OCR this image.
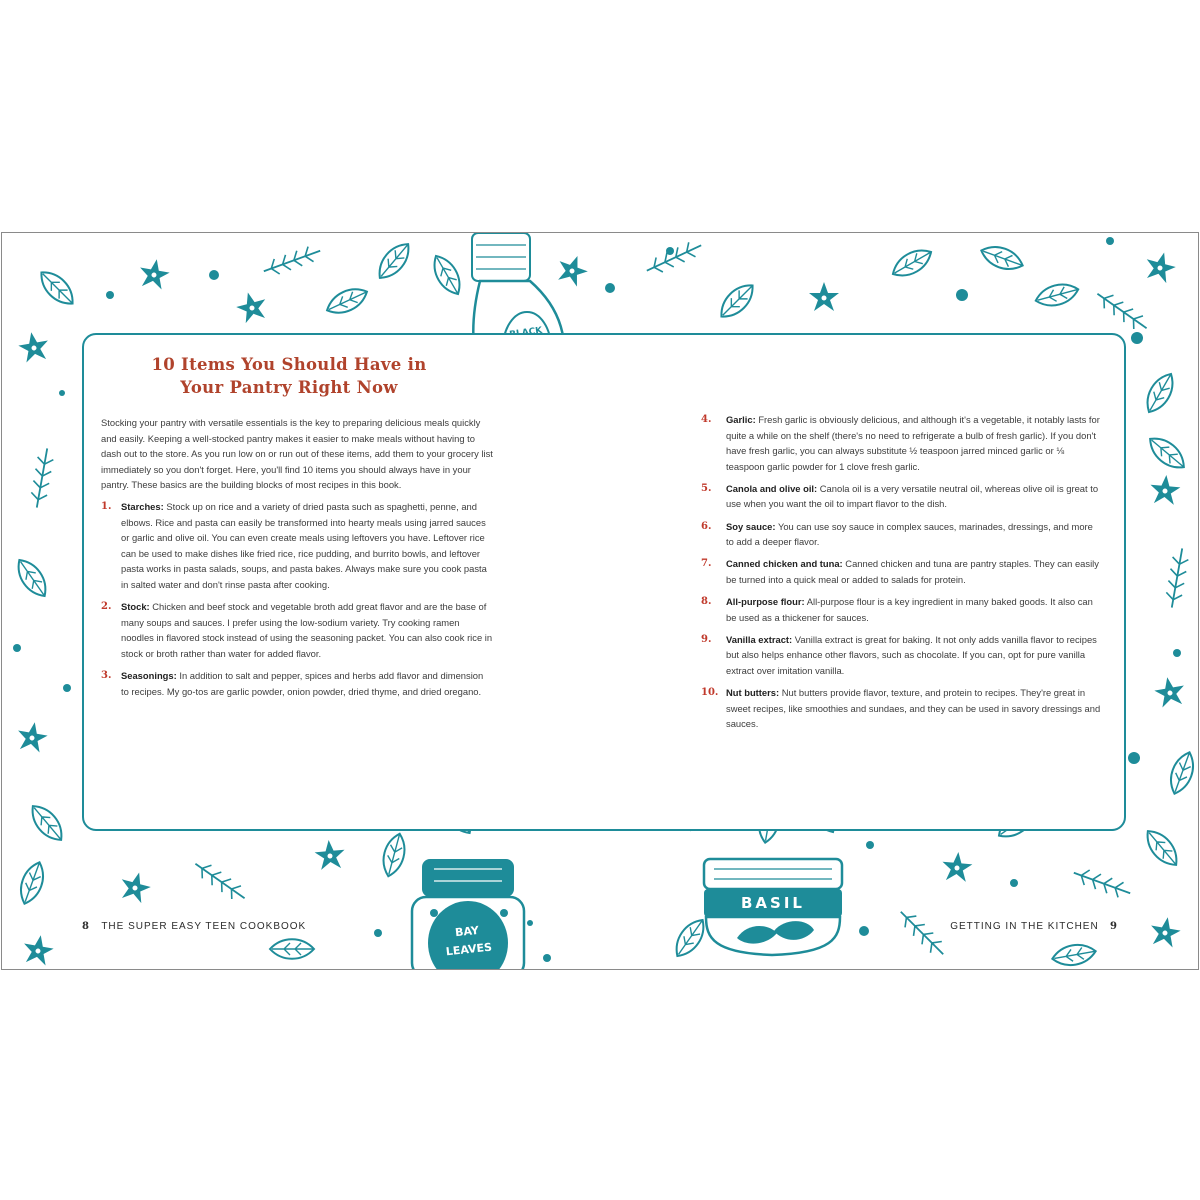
BAY
LEAVES
BASIL
10 Items You Should Have in
Your Pantry Right Now

Stocking your pantry with versatile essentials is the key to preparing delicious meals quickly and easily. Keeping a well-stocked pantry makes it easier to make meals without having to dash out to the store. As you run low on or run out of these items, add them to your grocery list immediately so you don't forget. Here, you'll find 10 items you should always have in your pantry. These basics are the building blocks of most recipes in this book.

1.	Starches: Stock up on rice and a variety of dried pasta such as spaghetti, penne, and elbows. Rice and pasta can easily be transformed into hearty meals using jarred sauces or garlic and olive oil. You can even create meals using leftovers you have. Leftover rice can be used to make dishes like fried rice, rice pudding, and burrito bowls, and leftover pasta works in pasta salads, soups, and pasta bakes. Always make sure you cook pasta in salted water and don't rinse pasta after cooking.
2.	Stock: Chicken and beef stock and vegetable broth add great flavor and are the base of many soups and sauces. I prefer using the low-sodium variety. Try cooking ramen noodles in flavored stock instead of using the seasoning packet. You can also cook rice in stock or broth rather than water for added flavor.
3.	Seasonings: In addition to salt and pepper, spices and herbs add flavor and dimension to recipes. My go-tos are garlic powder, onion powder, dried thyme, and dried oregano.
4.	Garlic: Fresh garlic is obviously delicious, and although it's a vegetable, it notably lasts for quite a while on the shelf (there's no need to refrigerate a bulb of fresh garlic). If you don't have fresh garlic, you can always substitute ½ teaspoon jarred minced garlic or ⅛ teaspoon garlic powder for 1 clove fresh garlic.
5.	Canola and olive oil: Canola oil is a very versatile neutral oil, whereas olive oil is great to use when you want the oil to impart flavor to the dish.
6.	Soy sauce: You can use soy sauce in complex sauces, marinades, dressings, and more to add a deeper flavor.
7.	Canned chicken and tuna: Canned chicken and tuna are pantry staples. They can easily be turned into a quick meal or added to salads for protein.
8.	All-purpose flour: All-purpose flour is a key ingredient in many baked goods. It also can be used as a thickener for sauces.
9.	Vanilla extract: Vanilla extract is great for baking. It not only adds vanilla flavor to recipes but also helps enhance other flavors, such as chocolate. If you can, opt for pure vanilla extract over imitation vanilla.
10. Nut butters: Nut butters provide flavor, texture, and protein to recipes. They're great in sweet recipes, like smoothies and sundaes, and they can be used in savory dressings and sauces.
8 THE SUPER EASY TEEN COOKBOOK	GETTING IN THE KITCHEN 9
